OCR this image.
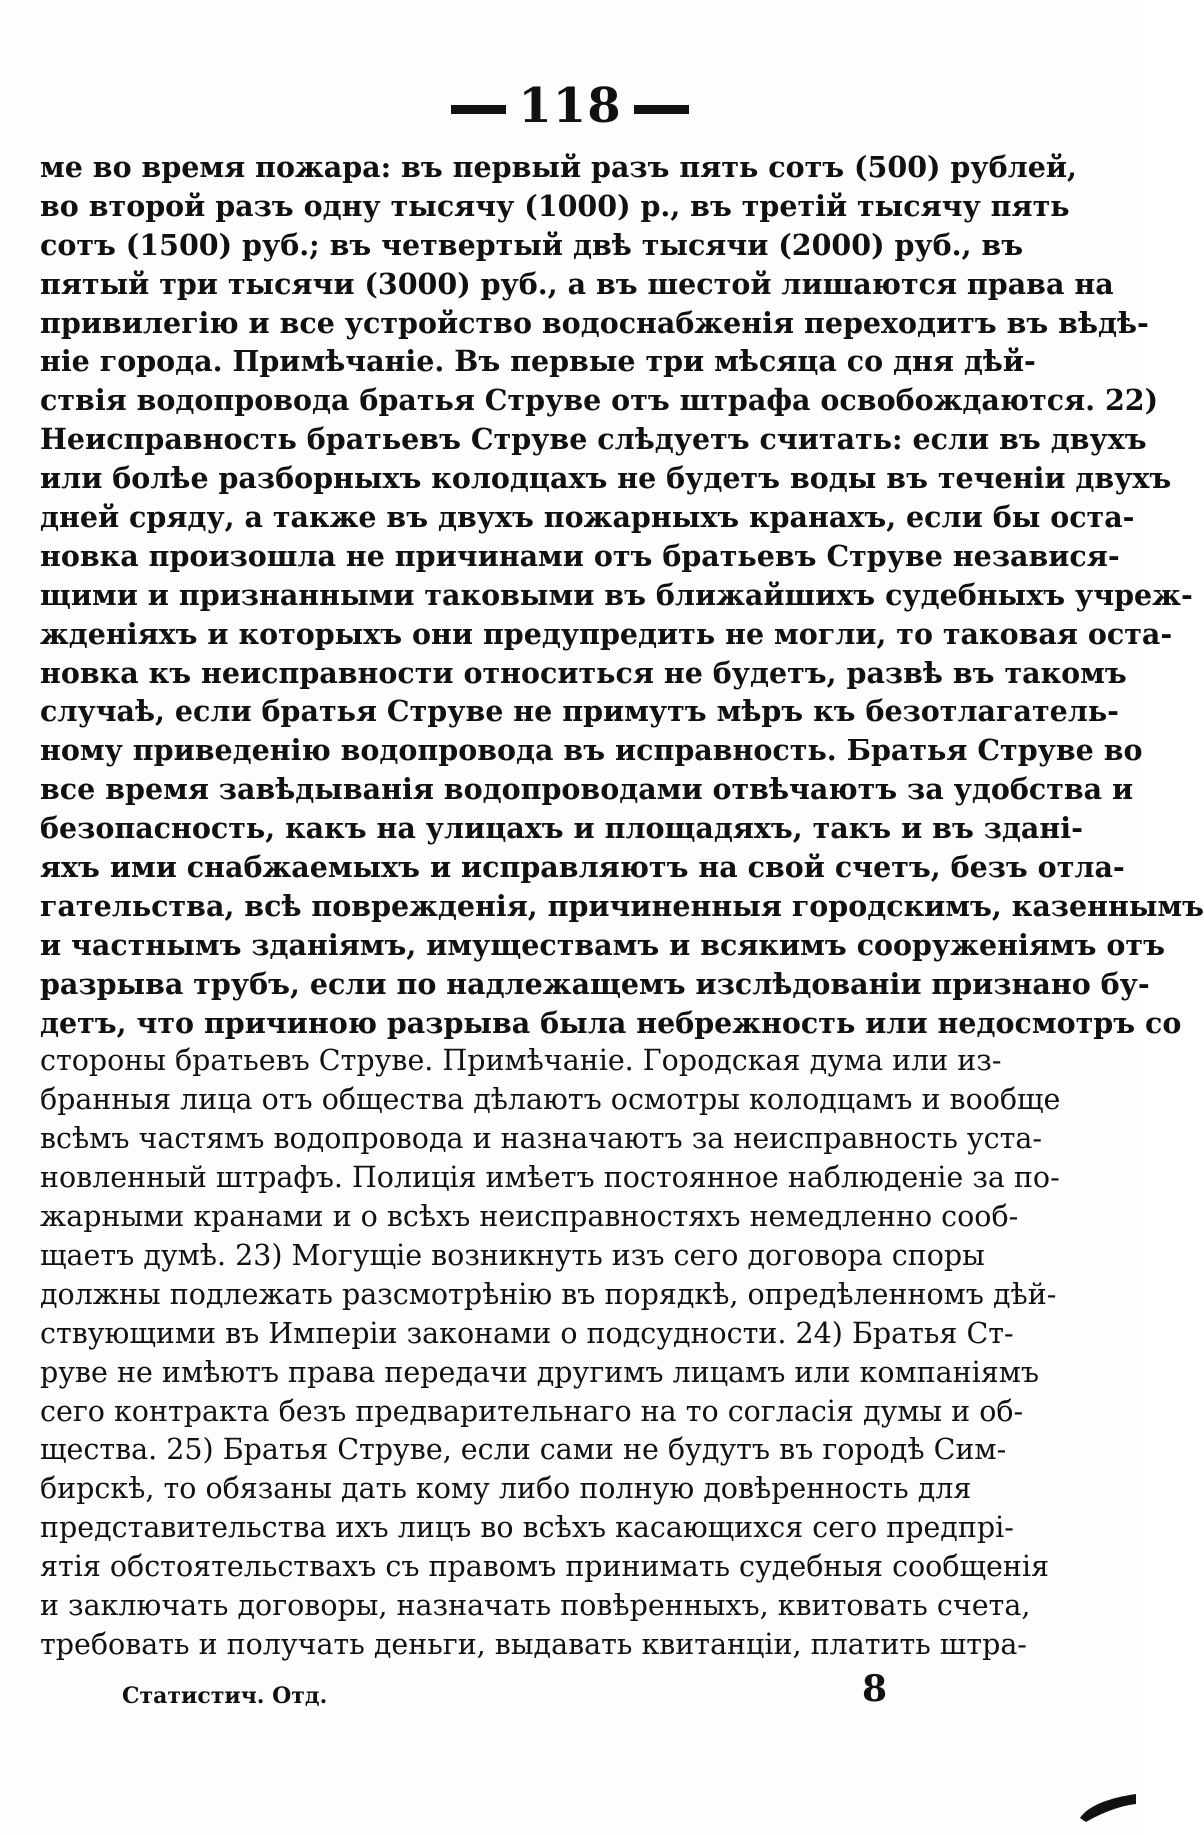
118
ме во время пожара: въ первый разъ пять сотъ (500) рублей,
во второй разъ одну тысячу (1000) р., въ третій тысячу пять
сотъ (1500) руб.; въ четвертый двѣ тысячи (2000) руб., въ
пятый три тысячи (3000) руб., а въ шестой лишаются права на
привилегію и все устройство водоснабженія переходитъ въ вѣдѣ-
ніе города. Примѣчаніе. Въ первые три мѣсяца со дня дѣй-
ствія водопровода братья Струве отъ штрафа освобождаются. 22)
Неисправность братьевъ Струве слѣдуетъ считать: если въ двухъ
или болѣе разборныхъ колодцахъ не будетъ воды въ теченіи двухъ
дней сряду, а также въ двухъ пожарныхъ кранахъ, если бы оста-
новка произошла не причинами отъ братьевъ Струве независя-
щими и признанными таковыми въ ближайшихъ судебныхъ учреж-
жденіяхъ и которыхъ они предупредить не могли, то таковая оста-
новка къ неисправности относиться не будетъ, развѣ въ такомъ
случаѣ, если братья Струве не примутъ мѣръ къ безотлагатель-
ному приведенію водопровода въ исправность. Братья Струве во
все время завѣдыванія водопроводами отвѣчаютъ за удобства и
безопасность, какъ на улицахъ и площадяхъ, такъ и въ здані-
яхъ ими снабжаемыхъ и исправляютъ на свой счетъ, безъ отла-
гательства, всѣ поврежденія, причиненныя городскимъ, казеннымъ
и частнымъ зданіямъ, имуществамъ и всякимъ сооруженіямъ отъ
разрыва трубъ, если по надлежащемъ изслѣдованіи признано бу-
детъ, что причиною разрыва была небрежность или недосмотръ со
стороны братьевъ Струве. Примѣчаніе. Городская дума или из-
бранныя лица отъ общества дѣлаютъ осмотры колодцамъ и вообще
всѣмъ частямъ водопровода и назначаютъ за неисправность уста-
новленный штрафъ. Полиція имѣетъ постоянное наблюденіе за по-
жарными кранами и о всѣхъ неисправностяхъ немедленно сооб-
щаетъ думѣ. 23) Могущіе возникнуть изъ сего договора споры
должны подлежать разсмотрѣнію въ порядкѣ, опредѣленномъ дѣй-
ствующими въ Имперіи законами о подсудности. 24) Братья Ст-
руве не имѣютъ права передачи другимъ лицамъ или компаніямъ
сего контракта безъ предварительнаго на то согласія думы и об-
щества. 25) Братья Струве, если сами не будутъ въ городѣ Сим-
бирскѣ, то обязаны дать кому либо полную довѣренность для
представительства ихъ лицъ во всѣхъ касающихся сего предпрі-
ятія обстоятельствахъ съ правомъ принимать судебныя сообщенія
и заключать договоры, назначать повѣренныхъ, квитовать счета,
требовать и получать деньги, выдавать квитанціи, платить штра-
Статистич. Отд.	8
